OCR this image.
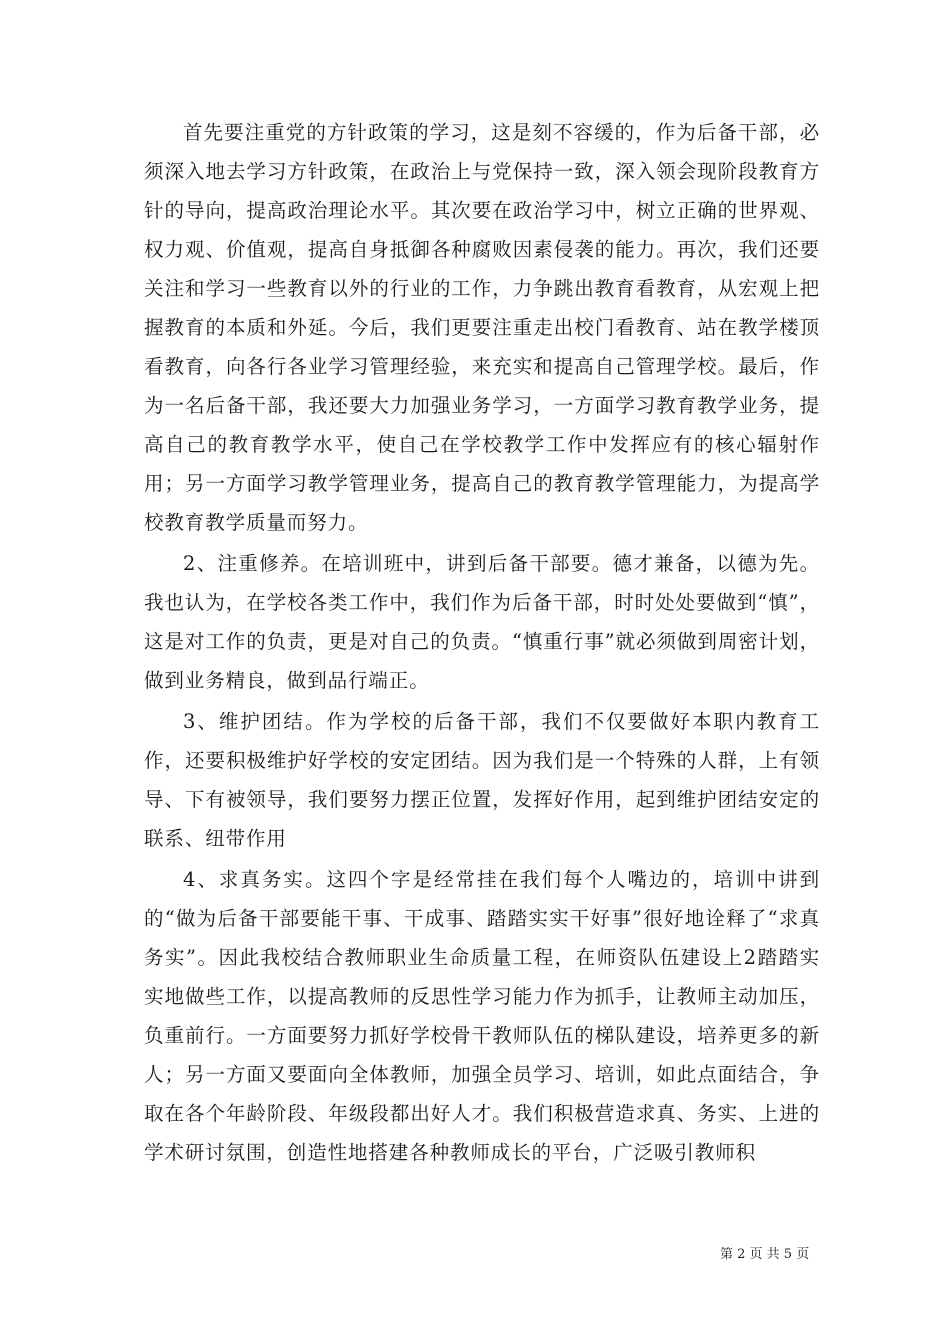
首先要注重党的方针政策的学习，这是刻不容缓的，作为后备干部，必须深入地去学习方针政策，在政治上与党保持一致，深入领会现阶段教育方针的导向，提高政治理论水平。其次要在政治学习中，树立正确的世界观、权力观、价值观，提高自身抵御各种腐败因素侵袭的能力。再次，我们还要关注和学习一些教育以外的行业的工作，力争跳出教育看教育，从宏观上把握教育的本质和外延。今后，我们更要注重走出校门看教育、站在教学楼顶看教育，向各行各业学习管理经验，来充实和提高自己管理学校。最后，作为一名后备干部，我还要大力加强业务学习，一方面学习教育教学业务，提高自己的教育教学水平，使自己在学校教学工作中发挥应有的核心辐射作用；另一方面学习教学管理业务，提高自己的教育教学管理能力，为提高学校教育教学质量而努力。

2、注重修养。在培训班中，讲到后备干部要。德才兼备，以德为先。我也认为，在学校各类工作中，我们作为后备干部，时时处处要做到“慎”，这是对工作的负责，更是对自己的负责。“慎重行事”就必须做到周密计划，做到业务精良，做到品行端正。

3、维护团结。作为学校的后备干部，我们不仅要做好本职内教育工作，还要积极维护好学校的安定团结。因为我们是一个特殊的人群，上有领导、下有被领导，我们要努力摆正位置，发挥好作用，起到维护团结安定的联系、纽带作用

4、求真务实。这四个字是经常挂在我们每个人嘴边的，培训中讲到的“做为后备干部要能干事、干成事、踏踏实实干好事”很好地诠释了“求真务实”。因此我校结合教师职业生命质量工程，在师资队伍建设上2踏踏实实地做些工作，以提高教师的反思性学习能力作为抓手，让教师主动加压，负重前行。一方面要努力抓好学校骨干教师队伍的梯队建设，培养更多的新人；另一方面又要面向全体教师，加强全员学习、培训，如此点面结合，争取在各个年龄阶段、年级段都出好人才。我们积极营造求真、务实、上进的学术研讨氛围，创造性地搭建各种教师成长的平台，广泛吸引教师积

第 2 页 共 5 页
